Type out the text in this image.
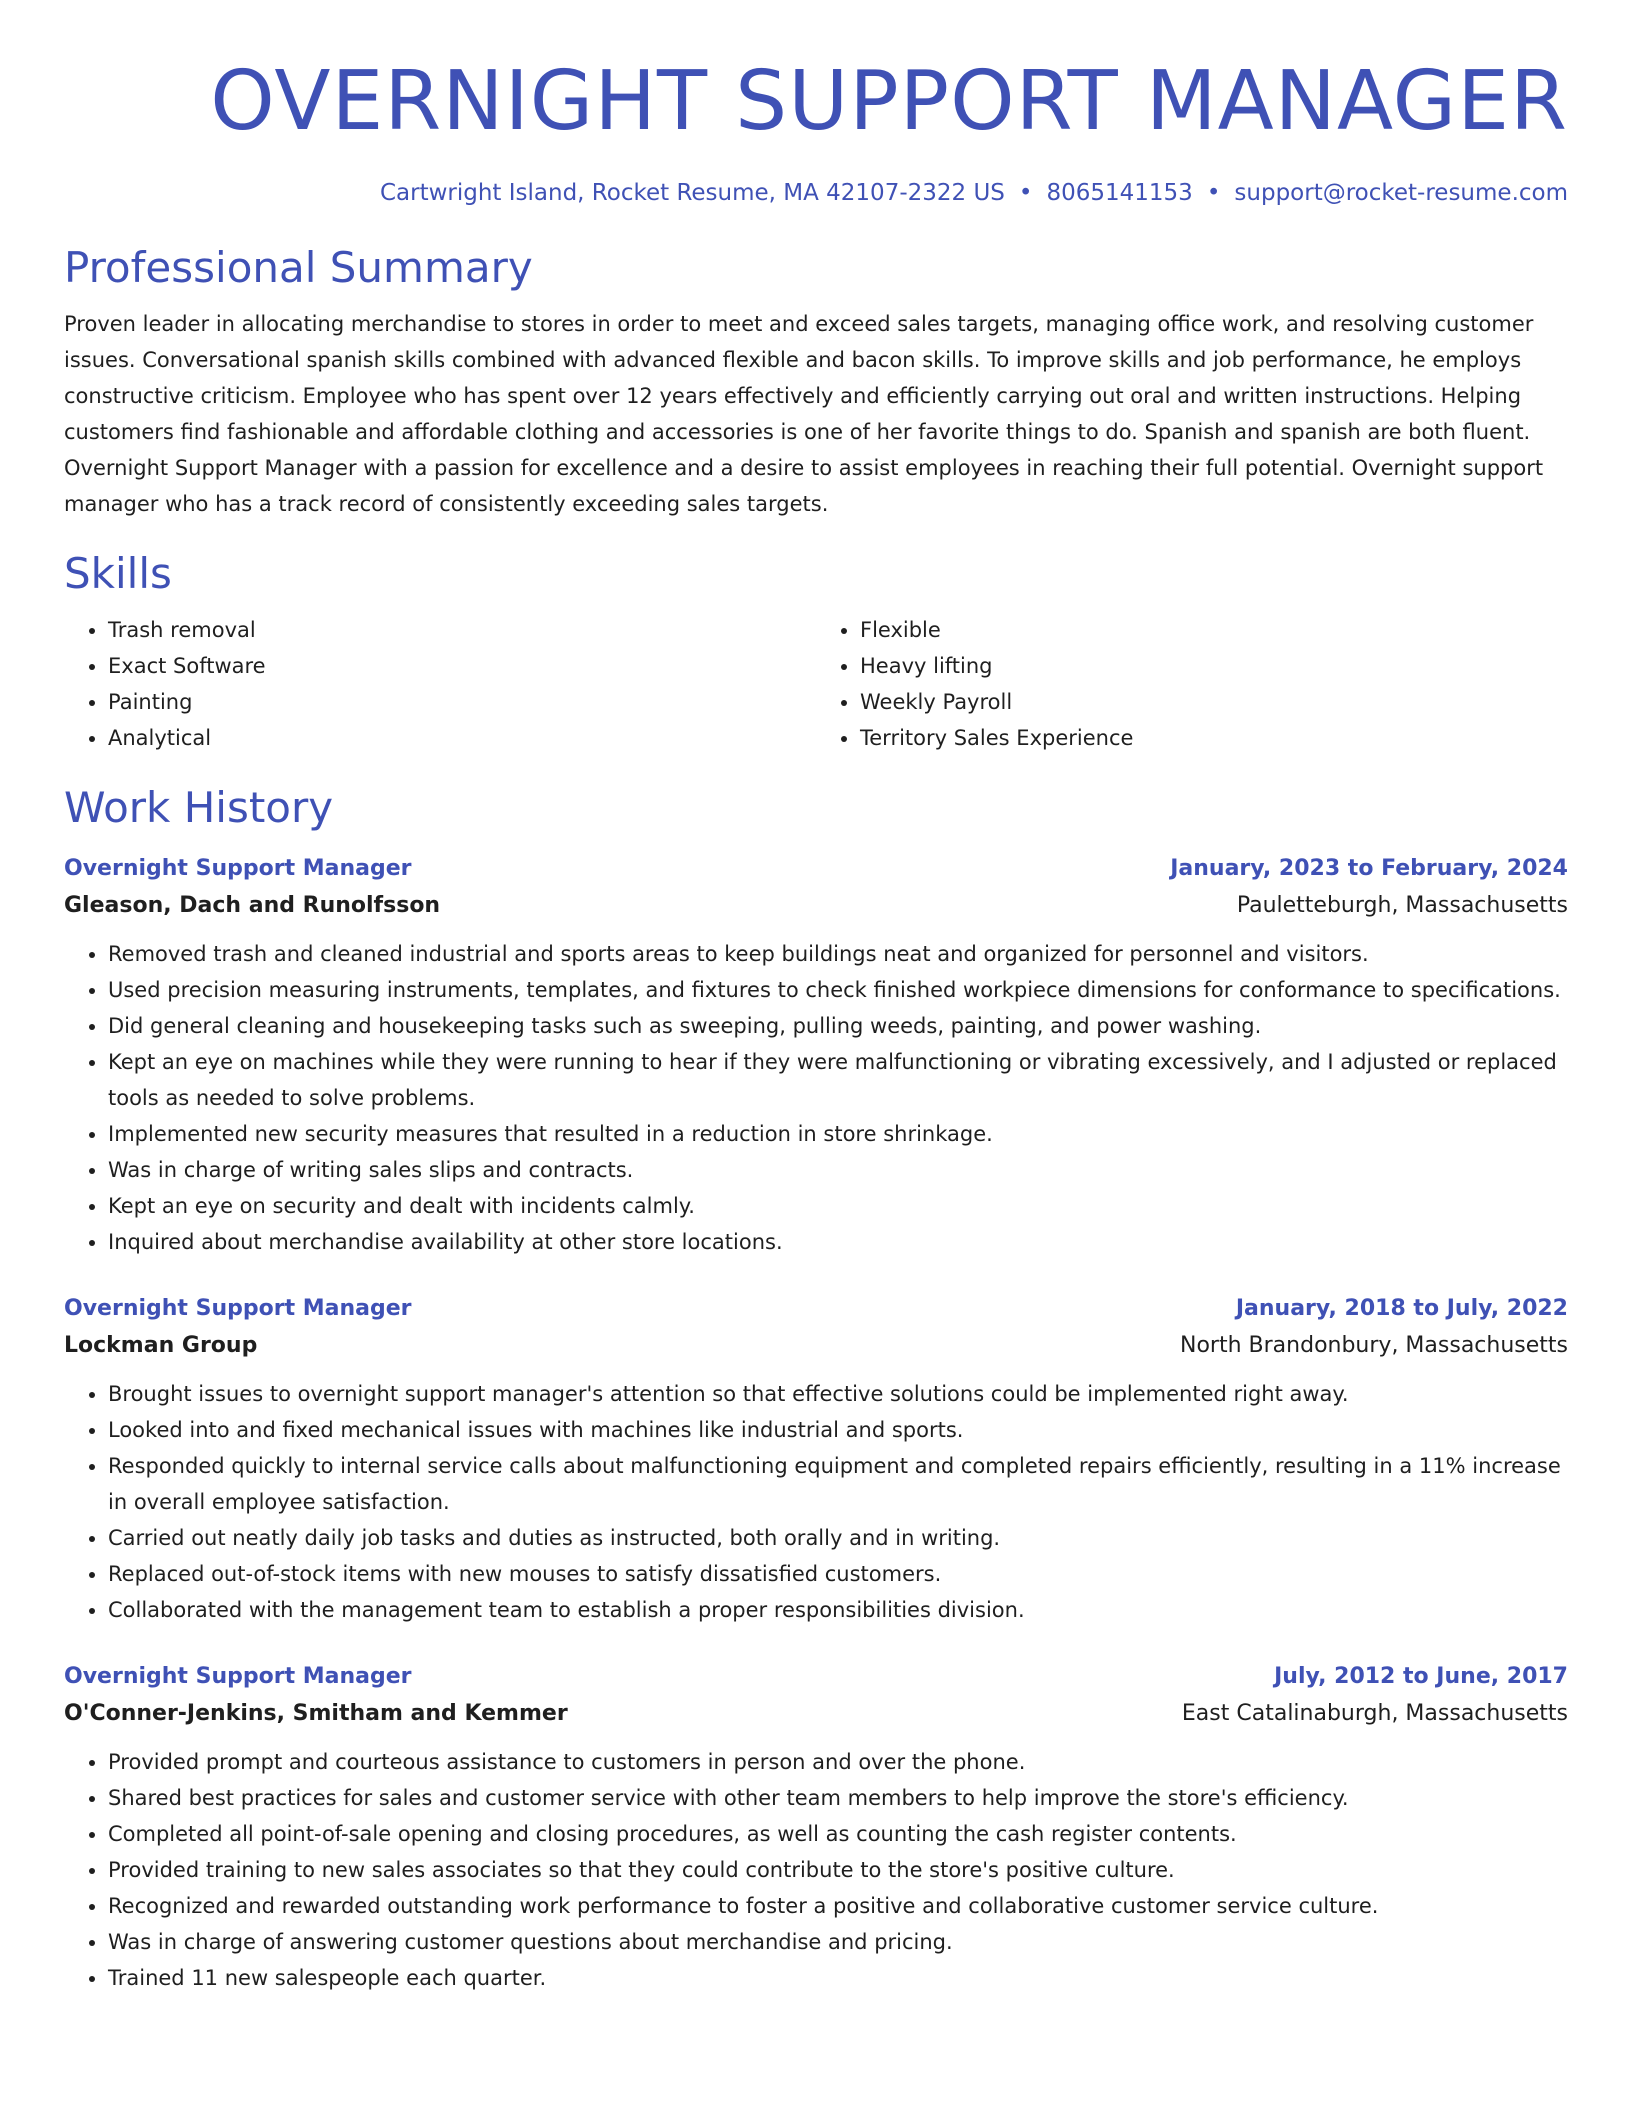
OVERNIGHT SUPPORT MANAGER
Cartwright Island, Rocket Resume, MA 42107-2322 US • 8065141153 • support@rocket-resume.com
Professional Summary

Proven leader in allocating merchandise to stores in order to meet and exceed sales targets, managing office work, and resolving customer issues. Conversational spanish skills combined with advanced flexible and bacon skills. To improve skills and job performance, he employs constructive criticism. Employee who has spent over 12 years effectively and efficiently carrying out oral and written instructions. Helping customers find fashionable and affordable clothing and accessories is one of her favorite things to do. Spanish and spanish are both fluent. Overnight Support Manager with a passion for excellence and a desire to assist employees in reaching their full potential. Overnight support manager who has a track record of consistently exceeding sales targets.

Skills
• Trash removal
• Exact Software
• Painting
• Analytical
• Flexible
• Heavy lifting
• Weekly Payroll
• Territory Sales Experience
Work History
Overnight Support Manager	January, 2023 to February, 2024
Gleason, Dach and Runolfsson	Pauletteburgh, Massachusetts
• Removed trash and cleaned industrial and sports areas to keep buildings neat and organized for personnel and visitors.
• Used precision measuring instruments, templates, and fixtures to check finished workpiece dimensions for conformance to specifications.
• Did general cleaning and housekeeping tasks such as sweeping, pulling weeds, painting, and power washing.
• Kept an eye on machines while they were running to hear if they were malfunctioning or vibrating excessively, and I adjusted or replaced tools as needed to solve problems.
• Implemented new security measures that resulted in a reduction in store shrinkage.
• Was in charge of writing sales slips and contracts.
• Kept an eye on security and dealt with incidents calmly.
• Inquired about merchandise availability at other store locations.
Overnight Support Manager	January, 2018 to July, 2022
Lockman Group	North Brandonbury, Massachusetts
• Brought issues to overnight support manager's attention so that effective solutions could be implemented right away.
• Looked into and fixed mechanical issues with machines like industrial and sports.
• Responded quickly to internal service calls about malfunctioning equipment and completed repairs efficiently, resulting in a 11% increase in overall employee satisfaction.
• Carried out neatly daily job tasks and duties as instructed, both orally and in writing.
• Replaced out-of-stock items with new mouses to satisfy dissatisfied customers.
• Collaborated with the management team to establish a proper responsibilities division.
Overnight Support Manager	July, 2012 to June, 2017
O'Conner-Jenkins, Smitham and Kemmer	East Catalinaburgh, Massachusetts
• Provided prompt and courteous assistance to customers in person and over the phone.
• Shared best practices for sales and customer service with other team members to help improve the store's efficiency.
• Completed all point-of-sale opening and closing procedures, as well as counting the cash register contents.
• Provided training to new sales associates so that they could contribute to the store's positive culture.
• Recognized and rewarded outstanding work performance to foster a positive and collaborative customer service culture.
• Was in charge of answering customer questions about merchandise and pricing.
• Trained 11 new salespeople each quarter.
